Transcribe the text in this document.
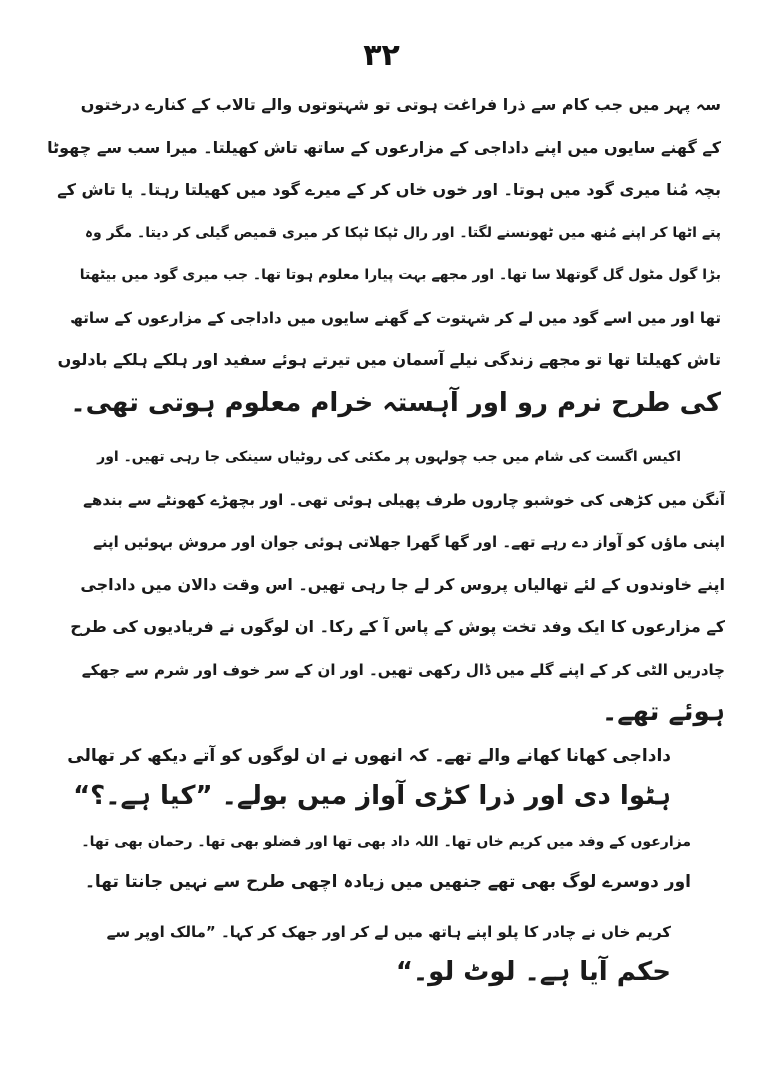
۳۲
سہ پہر میں جب کام سے ذرا فراغت ہوتی تو شہتوتوں والے تالاب کے کنارے درختوں
کے گھنے سایوں میں اپنے داداجی کے مزارعوں کے ساتھ تاش کھیلتا۔ میرا سب سے چھوٹا
بچہ مُنا میری گود میں ہوتا۔ اور خوں خاں کر کے میرے گود میں کھیلتا رہتا۔ یا تاش کے
پتے اٹھا کر اپنے مُنھ میں ٹھونسنے لگتا۔ اور رال ٹپکا ٹپکا کر میری قمیص گیلی کر دیتا۔ مگر وہ
بڑا گول مٹول گل گوتھلا سا تھا۔ اور مجھے بہت پیارا معلوم ہوتا تھا۔ جب میری گود میں بیٹھتا
تھا اور میں اسے گود میں لے کر شہتوت کے گھنے سایوں میں داداجی کے مزارعوں کے ساتھ
تاش کھیلتا تھا تو مجھے زندگی نیلے آسمان میں تیرتے ہوئے سفید اور ہلکے ہلکے بادلوں
کی طرح نرم رو اور آہستہ خرام معلوم ہوتی تھی۔
اکیس اگست کی شام میں جب چولہوں پر مکئی کی روٹیاں سینکی جا رہی تھیں۔ اور
آنگن میں کڑھی کی خوشبو چاروں طرف پھیلی ہوئی تھی۔ اور بچھڑے کھونٹے سے بندھے
اپنی ماؤں کو آواز دے رہے تھے۔ اور گھا گھرا جھلاتی ہوئی جوان اور مروش بہوئیں اپنے
اپنے خاوندوں کے لئے تھالیاں پروس کر لے جا رہی تھیں۔ اس وقت دالان میں داداجی
کے مزارعوں کا ایک وفد تخت پوش کے پاس آ کے رکا۔ ان لوگوں نے فریادیوں کی طرح
چادریں الٹی کر کے اپنے گلے میں ڈال رکھی تھیں۔ اور ان کے سر خوف اور شرم سے جھکے
ہوئے تھے۔
داداجی کھانا کھانے والے تھے۔ کہ انھوں نے ان لوگوں کو آتے دیکھ کر تھالی
ہٹوا دی اور ذرا کڑی آواز میں بولے۔ ”کیا ہے۔؟“
مزارعوں کے وفد میں کریم خاں تھا۔ اللہ داد بھی تھا اور فضلو بھی تھا۔ رحمان بھی تھا۔
اور دوسرے لوگ بھی تھے جنھیں میں زیادہ اچھی طرح سے نہیں جانتا تھا۔
کریم خاں نے چادر کا پلو اپنے ہاتھ میں لے کر اور جھک کر کہا۔ ”مالک اوپر سے
حکم آیا ہے۔ لوٹ لو۔“
